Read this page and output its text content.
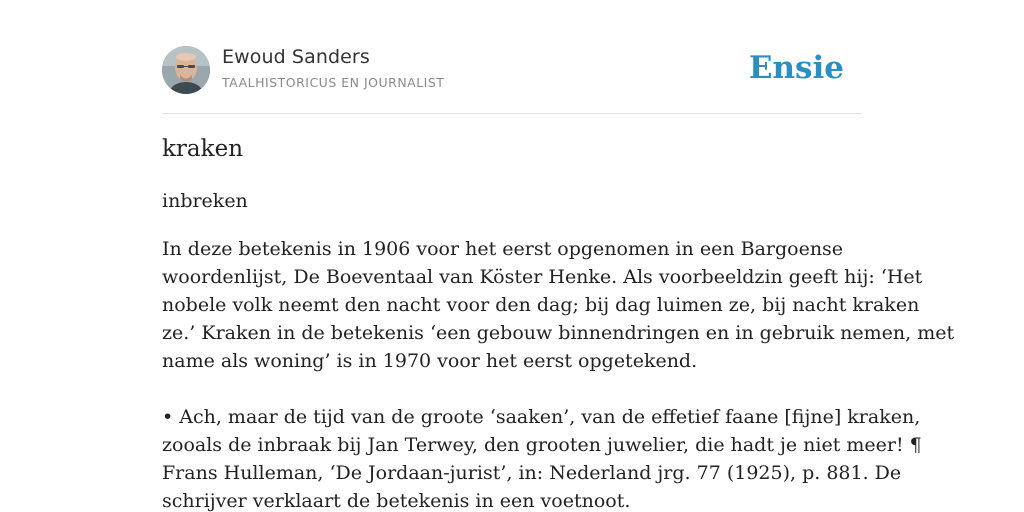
Ewoud Sanders
TAALHISTORICUS EN JOURNALIST	Ensie
kraken

inbreken

In deze betekenis in 1906 voor het eerst opgenomen in een Bargoense
woordenlijst, De Boeventaal van Köster Henke. Als voorbeeldzin geeft hij: ‘Het
nobele volk neemt den nacht voor den dag; bij dag luimen ze, bij nacht kraken
ze.’ Kraken in de betekenis ‘een gebouw binnendringen en in gebruik nemen, met
name als woning’ is in 1970 voor het eerst opgetekend.
• Ach, maar de tijd van de groote ‘saaken’, van de effetief faane [fijne] kraken,
zooals de inbraak bij Jan Terwey, den grooten juwelier, die hadt je niet meer! ¶
Frans Hulleman, ‘De Jordaan-jurist’, in: Nederland jrg. 77 (1925), p. 881. De
schrijver verklaart de betekenis in een voetnoot.
